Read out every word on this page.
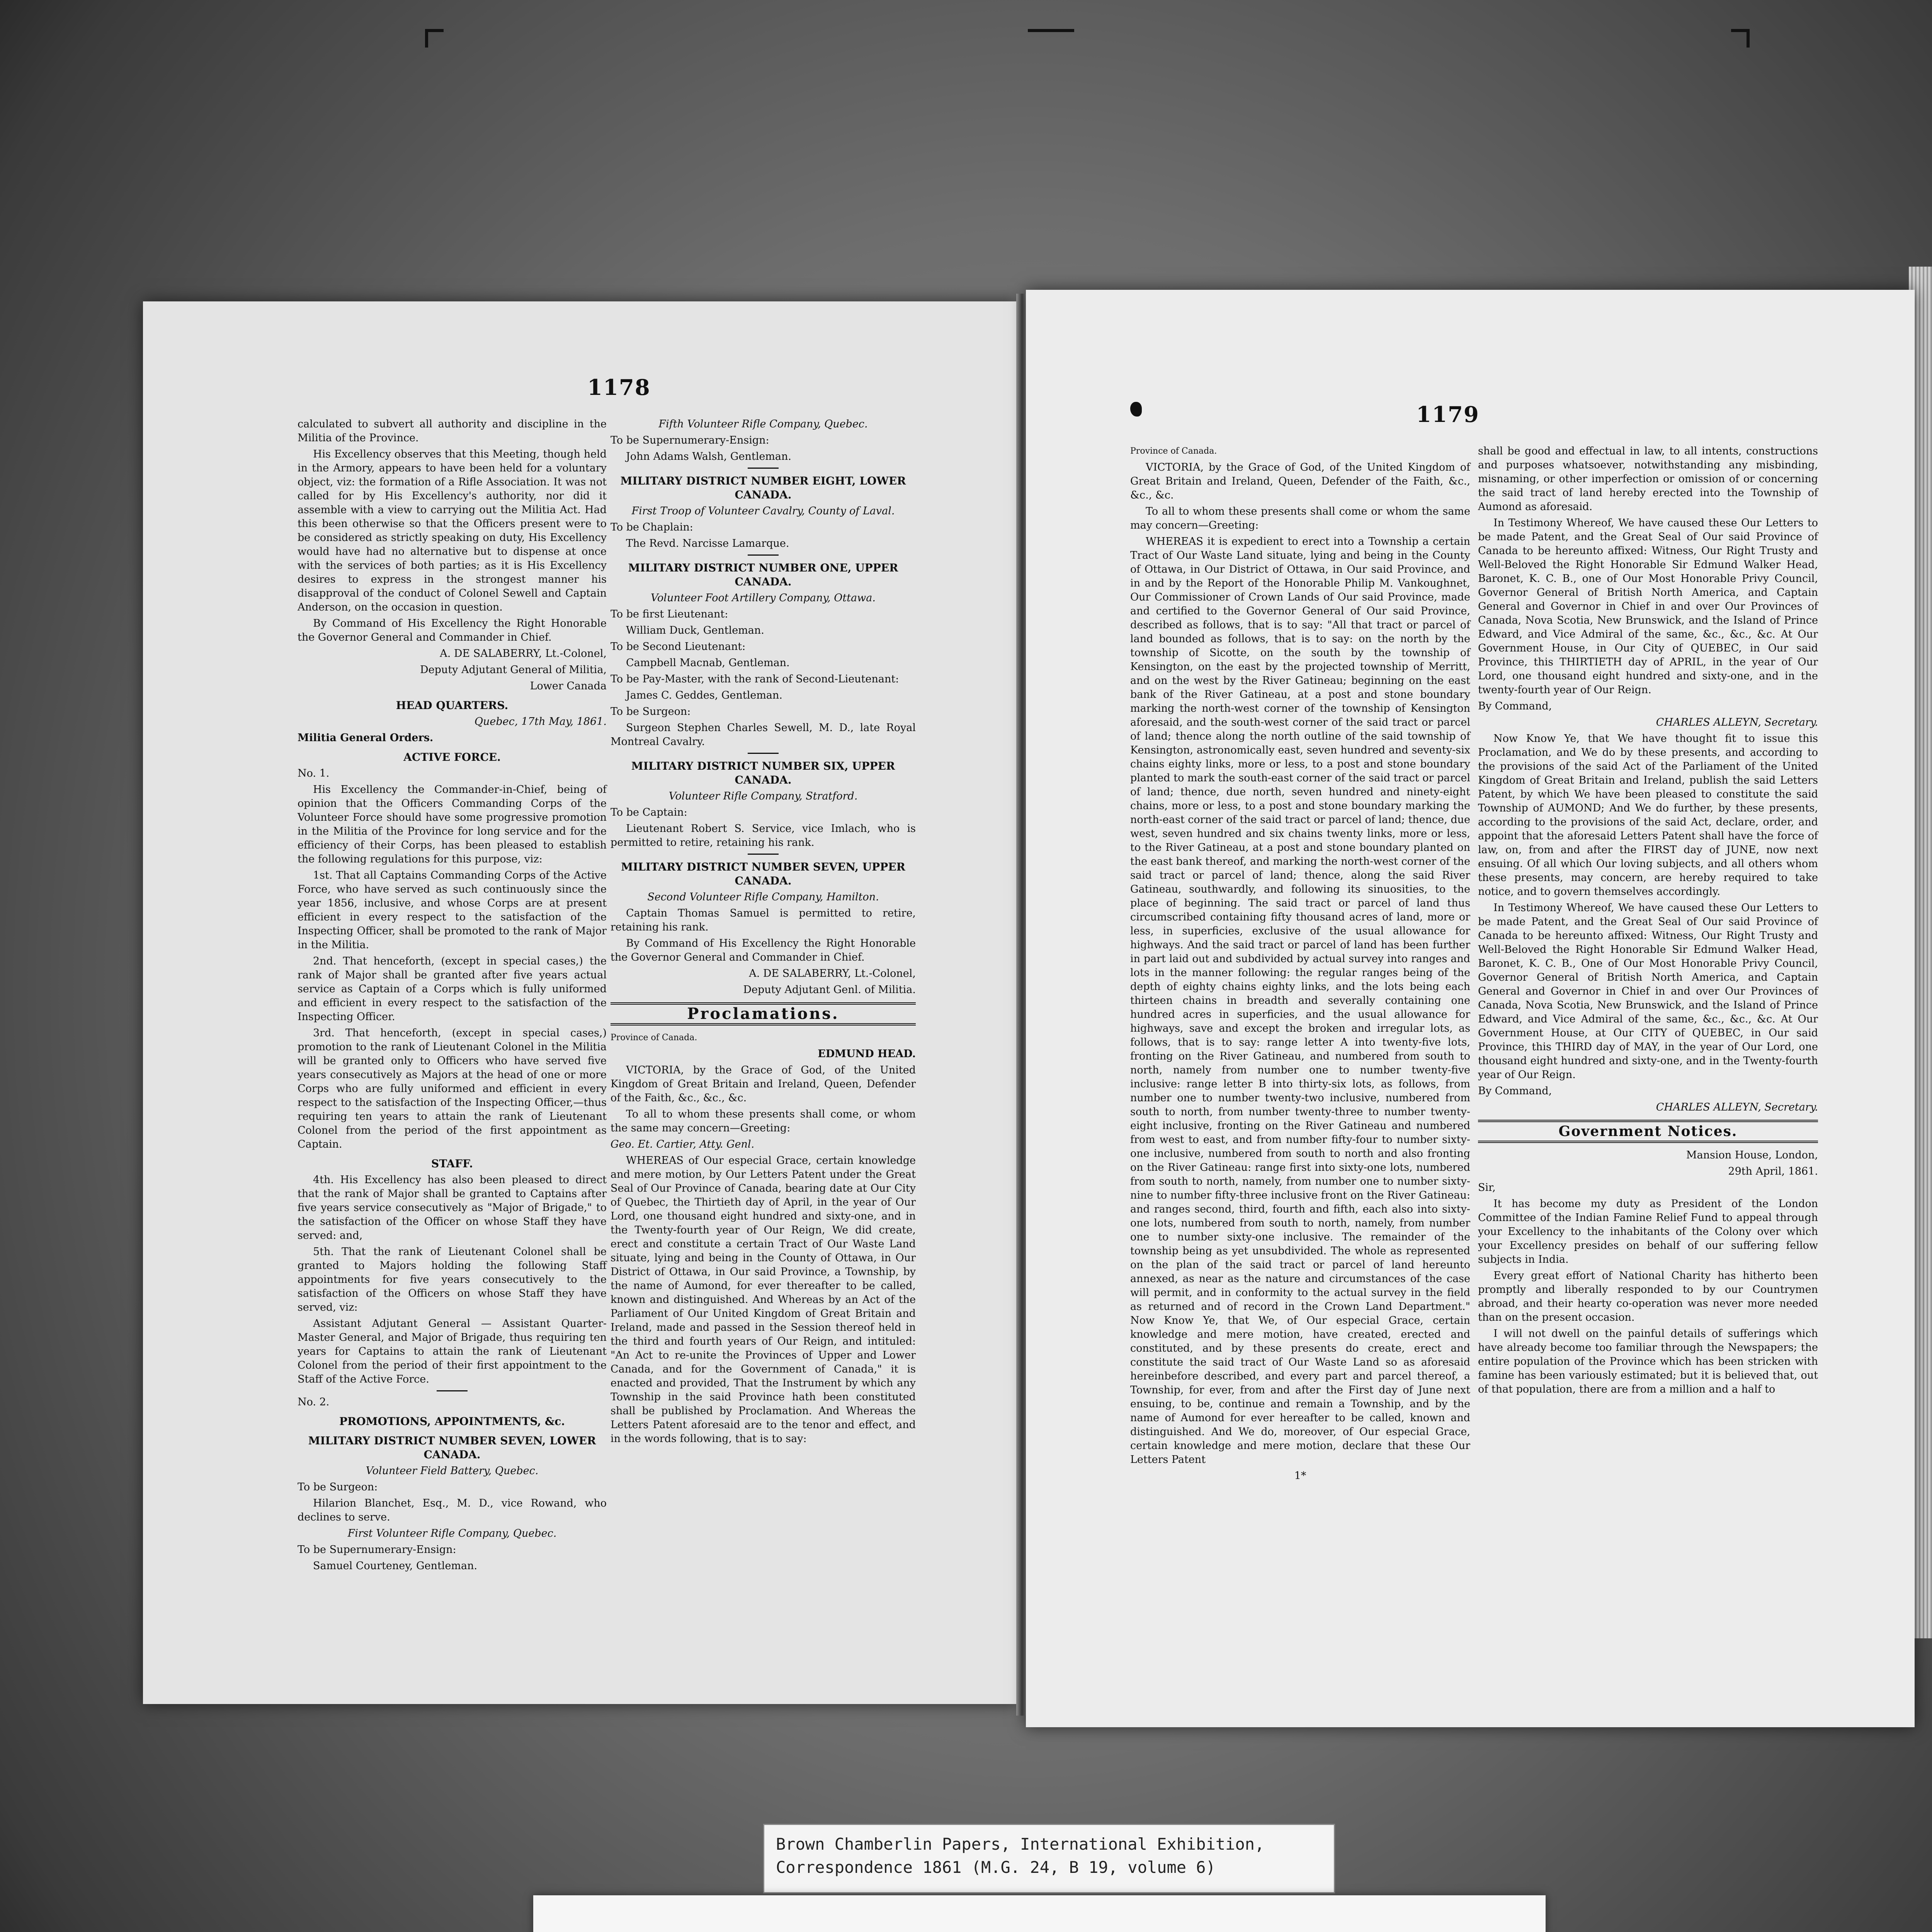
1178

calculated to subvert all authority and discipline in the Militia of the Province.

His Excellency observes that this Meeting, though held in the Armory, appears to have been held for a voluntary object, viz: the formation of a Rifle Association. It was not called for by His Excellency's authority, nor did it assemble with a view to carrying out the Militia Act. Had this been otherwise so that the Officers present were to be considered as strictly speaking on duty, His Excellency would have had no alternative but to dispense at once with the services of both parties; as it is His Excellency desires to express in the strongest manner his disapproval of the conduct of Colonel Sewell and Captain Anderson, on the occasion in question.

By Command of His Excellency the Right Honorable the Governor General and Commander in Chief.

A. DE SALABERRY, Lt.-Colonel,

Deputy Adjutant General of Militia,

Lower Canada

HEAD QUARTERS.

Quebec, 17th May, 1861.

Militia General Orders.

ACTIVE FORCE.

No. 1.

His Excellency the Commander-in-Chief, being of opinion that the Officers Commanding Corps of the Volunteer Force should have some progressive promotion in the Militia of the Province for long service and for the efficiency of their Corps, has been pleased to establish the following regulations for this purpose, viz:

1st. That all Captains Commanding Corps of the Active Force, who have served as such continuously since the year 1856, inclusive, and whose Corps are at present efficient in every respect to the satisfaction of the Inspecting Officer, shall be promoted to the rank of Major in the Militia.

2nd. That henceforth, (except in special cases,) the rank of Major shall be granted after five years actual service as Captain of a Corps which is fully uniformed and efficient in every respect to the satisfaction of the Inspecting Officer.

3rd. That henceforth, (except in special cases,) promotion to the rank of Lieutenant Colonel in the Militia will be granted only to Officers who have served five years consecutively as Majors at the head of one or more Corps who are fully uniformed and efficient in every respect to the satisfaction of the Inspecting Officer,—thus requiring ten years to attain the rank of Lieutenant Colonel from the period of the first appointment as Captain.

STAFF.

4th. His Excellency has also been pleased to direct that the rank of Major shall be granted to Captains after five years service consecutively as "Major of Brigade," to the satisfaction of the Officer on whose Staff they have served: and,

5th. That the rank of Lieutenant Colonel shall be granted to Majors holding the following Staff appointments for five years consecutively to the satisfaction of the Officers on whose Staff they have served, viz:

Assistant Adjutant General — Assistant Quarter-Master General, and Major of Brigade, thus requiring ten years for Captains to attain the rank of Lieutenant Colonel from the period of their first appointment to the Staff of the Active Force.

No. 2.

PROMOTIONS, APPOINTMENTS, &c.
MILITARY DISTRICT NUMBER SEVEN, LOWER CANADA.

Volunteer Field Battery, Quebec.

To be Surgeon:

Hilarion Blanchet, Esq., M. D., vice Rowand, who declines to serve.

First Volunteer Rifle Company, Quebec.

To be Supernumerary-Ensign:

Samuel Courteney, Gentleman.

Fifth Volunteer Rifle Company, Quebec.

To be Supernumerary-Ensign:

John Adams Walsh, Gentleman.

MILITARY DISTRICT NUMBER EIGHT, LOWER CANADA.

First Troop of Volunteer Cavalry, County of Laval.

To be Chaplain:

The Revd. Narcisse Lamarque.

MILITARY DISTRICT NUMBER ONE, UPPER CANADA.

Volunteer Foot Artillery Company, Ottawa.

To be first Lieutenant:

William Duck, Gentleman.

To be Second Lieutenant:

Campbell Macnab, Gentleman.

To be Pay-Master, with the rank of Second-Lieutenant:

James C. Geddes, Gentleman.

To be Surgeon:

Surgeon Stephen Charles Sewell, M. D., late Royal Montreal Cavalry.

MILITARY DISTRICT NUMBER SIX, UPPER CANADA.

Volunteer Rifle Company, Stratford.

To be Captain:

Lieutenant Robert S. Service, vice Imlach, who is permitted to retire, retaining his rank.

MILITARY DISTRICT NUMBER SEVEN, UPPER CANADA.

Second Volunteer Rifle Company, Hamilton.

Captain Thomas Samuel is permitted to retire, retaining his rank.

By Command of His Excellency the Right Honorable the Governor General and Commander in Chief.

A. DE SALABERRY, Lt.-Colonel,

Deputy Adjutant Genl. of Militia.

Proclamations.

Province of Canada.

EDMUND HEAD.

VICTORIA, by the Grace of God, of the United Kingdom of Great Britain and Ireland, Queen, Defender of the Faith, &c., &c., &c.

To all to whom these presents shall come, or whom the same may concern—Greeting:

Geo. Et. Cartier, Atty. Genl.

WHEREAS of Our especial Grace, certain knowledge and mere motion, by Our Letters Patent under the Great Seal of Our Province of Canada, bearing date at Our City of Quebec, the Thirtieth day of April, in the year of Our Lord, one thousand eight hundred and sixty-one, and in the Twenty-fourth year of Our Reign, We did create, erect and constitute a certain Tract of Our Waste Land situate, lying and being in the County of Ottawa, in Our District of Ottawa, in Our said Province, a Township, by the name of Aumond, for ever thereafter to be called, known and distinguished. And Whereas by an Act of the Parliament of Our United Kingdom of Great Britain and Ireland, made and passed in the Session thereof held in the third and fourth years of Our Reign, and intituled: "An Act to re-unite the Provinces of Upper and Lower Canada, and for the Government of Canada," it is enacted and provided, That the Instrument by which any Township in the said Province hath been constituted shall be published by Proclamation. And Whereas the Letters Patent aforesaid are to the tenor and effect, and in the words following, that is to say:

1179

Province of Canada.

VICTORIA, by the Grace of God, of the United Kingdom of Great Britain and Ireland, Queen, Defender of the Faith, &c., &c., &c.

To all to whom these presents shall come or whom the same may concern—Greeting:

WHEREAS it is expedient to erect into a Township a certain Tract of Our Waste Land situate, lying and being in the County of Ottawa, in Our District of Ottawa, in Our said Province, and in and by the Report of the Honorable Philip M. Vankoughnet, Our Commissioner of Crown Lands of Our said Province, made and certified to the Governor General of Our said Province, described as follows, that is to say: "All that tract or parcel of land bounded as follows, that is to say: on the north by the township of Sicotte, on the south by the township of Kensington, on the east by the projected township of Merritt, and on the west by the River Gatineau; beginning on the east bank of the River Gatineau, at a post and stone boundary marking the north-west corner of the township of Kensington aforesaid, and the south-west corner of the said tract or parcel of land; thence along the north outline of the said township of Kensington, astronomically east, seven hundred and seventy-six chains eighty links, more or less, to a post and stone boundary planted to mark the south-east corner of the said tract or parcel of land; thence, due north, seven hundred and ninety-eight chains, more or less, to a post and stone boundary marking the north-east corner of the said tract or parcel of land; thence, due west, seven hundred and six chains twenty links, more or less, to the River Gatineau, at a post and stone boundary planted on the east bank thereof, and marking the north-west corner of the said tract or parcel of land; thence, along the said River Gatineau, southwardly, and following its sinuosities, to the place of beginning. The said tract or parcel of land thus circumscribed containing fifty thousand acres of land, more or less, in superficies, exclusive of the usual allowance for highways. And the said tract or parcel of land has been further in part laid out and subdivided by actual survey into ranges and lots in the manner following: the regular ranges being of the depth of eighty chains eighty links, and the lots being each thirteen chains in breadth and severally containing one hundred acres in superficies, and the usual allowance for highways, save and except the broken and irregular lots, as follows, that is to say: range letter A into twenty-five lots, fronting on the River Gatineau, and numbered from south to north, namely from number one to number twenty-five inclusive: range letter B into thirty-six lots, as follows, from number one to number twenty-two inclusive, numbered from south to north, from number twenty-three to number twenty-eight inclusive, fronting on the River Gatineau and numbered from west to east, and from number fifty-four to number sixty-one inclusive, numbered from south to north and also fronting on the River Gatineau: range first into sixty-one lots, numbered from south to north, namely, from number one to number sixty-nine to number fifty-three inclusive front on the River Gatineau: and ranges second, third, fourth and fifth, each also into sixty-one lots, numbered from south to north, namely, from number one to number sixty-one inclusive. The remainder of the township being as yet unsubdivided. The whole as represented on the plan of the said tract or parcel of land hereunto annexed, as near as the nature and circumstances of the case will permit, and in conformity to the actual survey in the field as returned and of record in the Crown Land Department." Now Know Ye, that We, of Our especial Grace, certain knowledge and mere motion, have created, erected and constituted, and by these presents do create, erect and constitute the said tract of Our Waste Land so as aforesaid hereinbefore described, and every part and parcel thereof, a Township, for ever, from and after the First day of June next ensuing, to be, continue and remain a Township, and by the name of Aumond for ever hereafter to be called, known and distinguished. And We do, moreover, of Our especial Grace, certain knowledge and mere motion, declare that these Our Letters Patent

1*

shall be good and effectual in law, to all intents, constructions and purposes whatsoever, notwithstanding any misbinding, misnaming, or other imperfection or omission of or concerning the said tract of land hereby erected into the Township of Aumond as aforesaid.

In Testimony Whereof, We have caused these Our Letters to be made Patent, and the Great Seal of Our said Province of Canada to be hereunto affixed: Witness, Our Right Trusty and Well-Beloved the Right Honorable Sir Edmund Walker Head, Baronet, K. C. B., one of Our Most Honorable Privy Council, Governor General of British North America, and Captain General and Governor in Chief in and over Our Provinces of Canada, Nova Scotia, New Brunswick, and the Island of Prince Edward, and Vice Admiral of the same, &c., &c., &c. At Our Government House, in Our City of QUEBEC, in Our said Province, this THIRTIETH day of APRIL, in the year of Our Lord, one thousand eight hundred and sixty-one, and in the twenty-fourth year of Our Reign.

By Command,

CHARLES ALLEYN, Secretary.

Now Know Ye, that We have thought fit to issue this Proclamation, and We do by these presents, and according to the provisions of the said Act of the Parliament of the United Kingdom of Great Britain and Ireland, publish the said Letters Patent, by which We have been pleased to constitute the said Township of AUMOND; And We do further, by these presents, according to the provisions of the said Act, declare, order, and appoint that the aforesaid Letters Patent shall have the force of law, on, from and after the FIRST day of JUNE, now next ensuing. Of all which Our loving subjects, and all others whom these presents, may concern, are hereby required to take notice, and to govern themselves accordingly.

In Testimony Whereof, We have caused these Our Letters to be made Patent, and the Great Seal of Our said Province of Canada to be hereunto affixed: Witness, Our Right Trusty and Well-Beloved the Right Honorable Sir Edmund Walker Head, Baronet, K. C. B., One of Our Most Honorable Privy Council, Governor General of British North America, and Captain General and Governor in Chief in and over Our Provinces of Canada, Nova Scotia, New Brunswick, and the Island of Prince Edward, and Vice Admiral of the same, &c., &c., &c. At Our Government House, at Our CITY of QUEBEC, in Our said Province, this THIRD day of MAY, in the year of Our Lord, one thousand eight hundred and sixty-one, and in the Twenty-fourth year of Our Reign.

By Command,

CHARLES ALLEYN, Secretary.

Government Notices.

Mansion House, London,

29th April, 1861.

Sir,

It has become my duty as President of the London Committee of the Indian Famine Relief Fund to appeal through your Excellency to the inhabitants of the Colony over which your Excellency presides on behalf of our suffering fellow subjects in India.

Every great effort of National Charity has hitherto been promptly and liberally responded to by our Countrymen abroad, and their hearty co-operation was never more needed than on the present occasion.

I will not dwell on the painful details of sufferings which have already become too familiar through the Newspapers; the entire population of the Province which has been stricken with famine has been variously estimated; but it is believed that, out of that population, there are from a million and a half to

Brown Chamberlin Papers, International Exhibition,
Correspondence 1861 (M.G. 24, B 19, volume 6)
